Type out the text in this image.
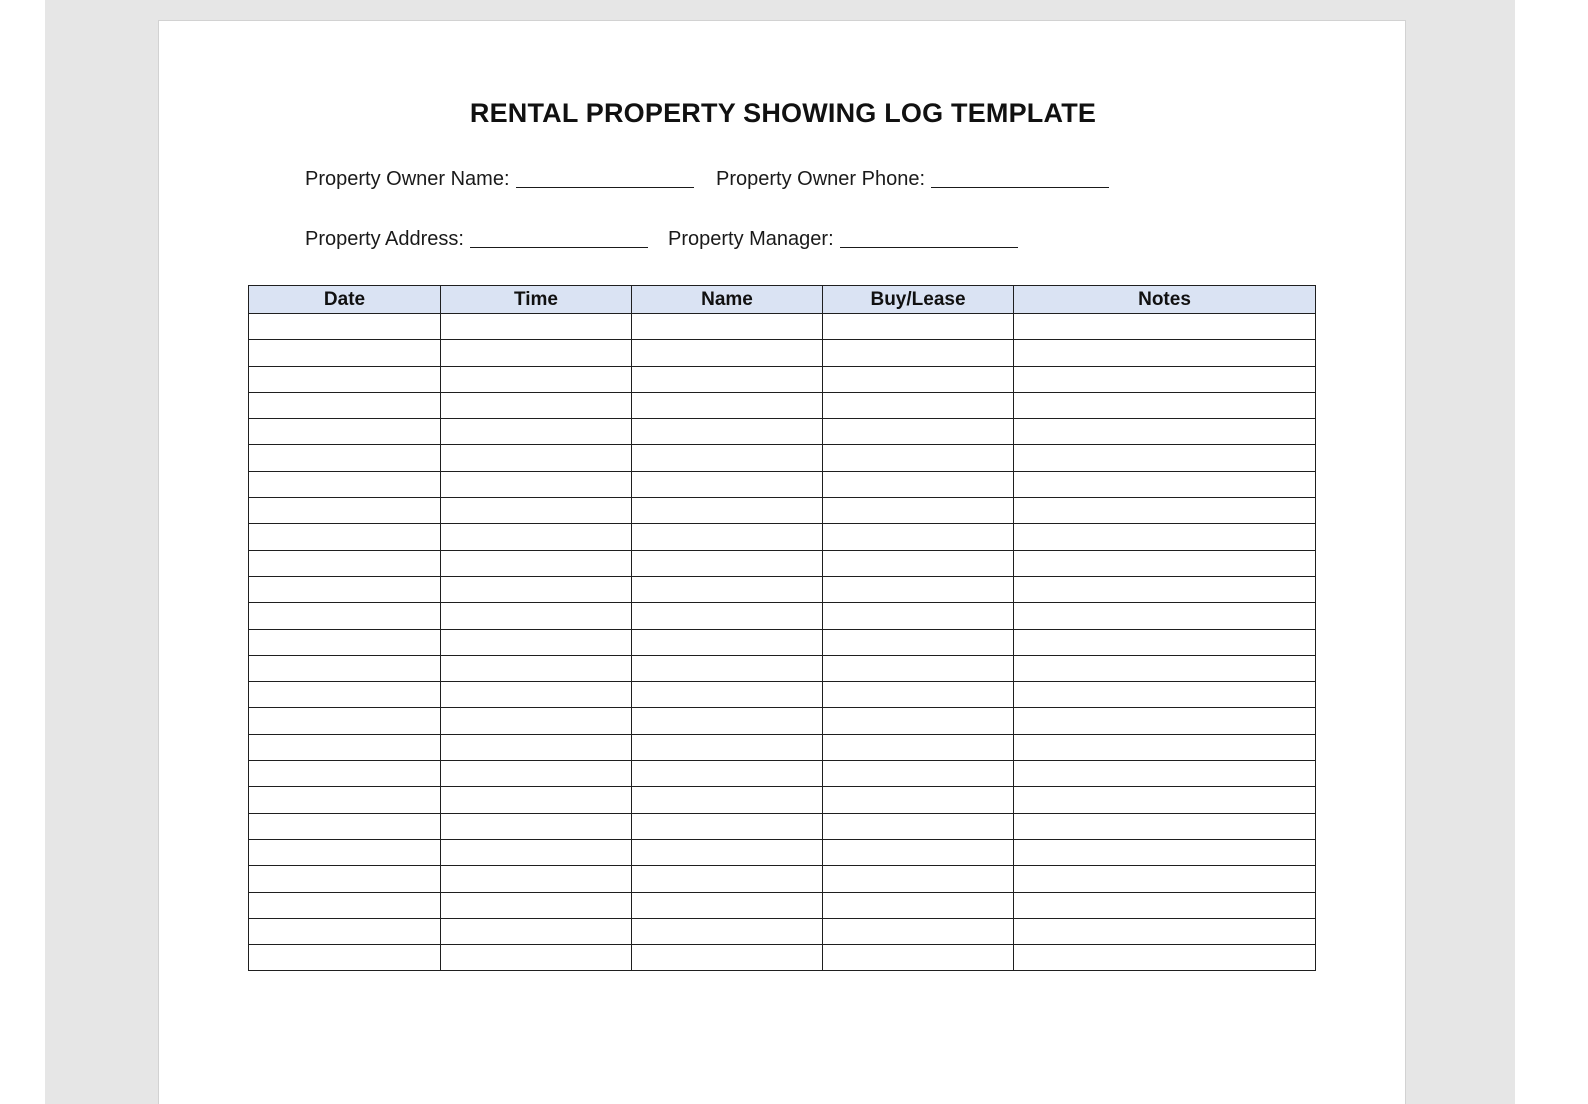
RENTAL PROPERTY SHOWING LOG TEMPLATE
Property Owner Name:	Property Owner Phone:
Property Address:	Property Manager:
Date	Time	Name	Buy/Lease	Notes
